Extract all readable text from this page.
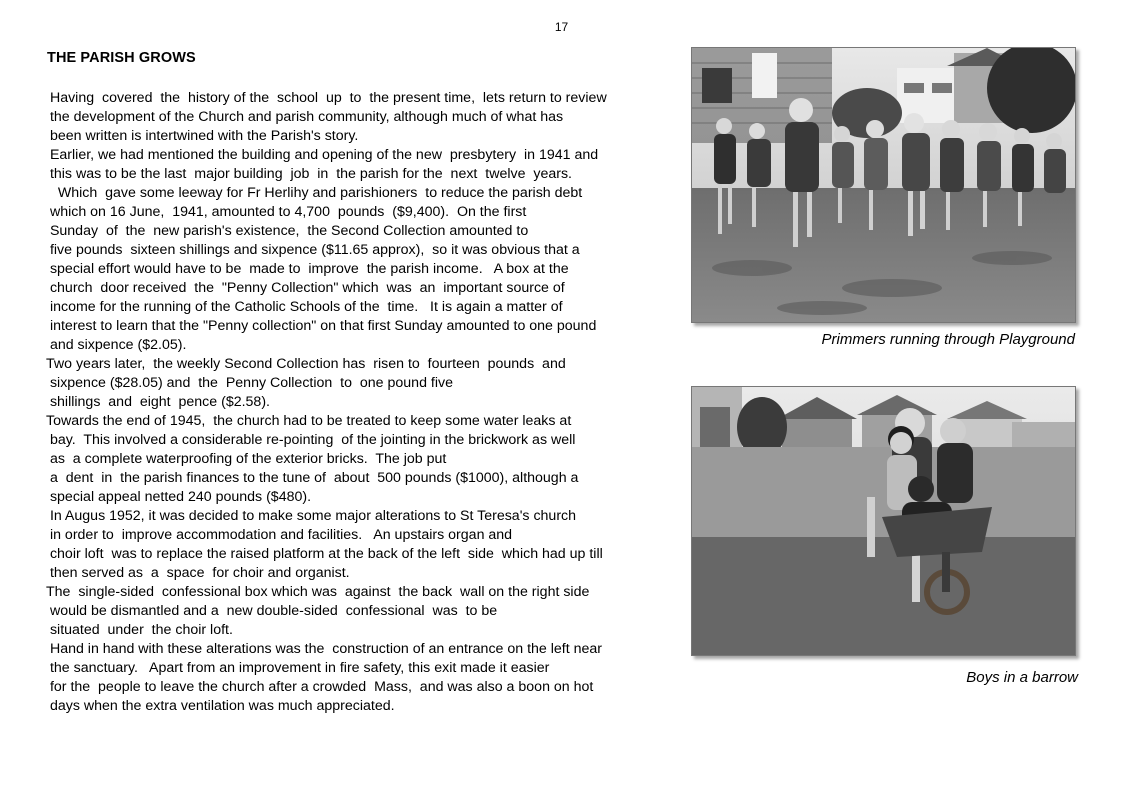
17
THE PARISH GROWS
Having  covered  the  history of the  school  up  to  the present time,  lets return to review
the development of the Church and parish community, although much of what has
been written is intertwined with the Parish's story.
Earlier, we had mentioned the building and opening of the new  presbytery  in 1941 and
this was to be the last  major building  job  in  the parish for the  next  twelve  years.
Which  gave some leeway for Fr Herlihy and parishioners  to reduce the parish debt
which on 16 June,  1941, amounted to 4,700  pounds  ($9,400).  On the first
Sunday  of  the  new parish's existence,  the Second Collection amounted to
five pounds  sixteen shillings and sixpence ($11.65 approx),  so it was obvious that a
special effort would have to be  made to  improve  the parish income.   A box at the
church  door received  the  "Penny Collection" which  was  an  important source of
income for the running of the Catholic Schools of the  time.   It is again a matter of
interest to learn that the "Penny collection" on that first Sunday amounted to one pound
and sixpence ($2.05).
Two years later,  the weekly Second Collection has  risen to  fourteen  pounds  and
sixpence ($28.05) and  the  Penny Collection  to  one pound five
shillings  and  eight  pence ($2.58).
Towards the end of 1945,  the church had to be treated to keep some water leaks at
bay.  This involved a considerable re-pointing  of the jointing in the brickwork as well
as  a complete waterproofing of the exterior bricks.  The job put
a  dent  in  the parish finances to the tune of  about  500 pounds ($1000), although a
special appeal netted 240 pounds ($480).
In Augus 1952, it was decided to make some major alterations to St Teresa's church
in order to  improve accommodation and facilities.   An upstairs organ and
choir loft  was to replace the raised platform at the back of the left  side  which had up till
then served as  a  space  for choir and organist.
The  single-sided  confessional box which was  against  the back  wall on the right side
would be dismantled and a  new double-sided  confessional  was  to be
situated  under  the choir loft.
Hand in hand with these alterations was the  construction of an entrance on the left near
the sanctuary.   Apart from an improvement in fire safety, this exit made it easier
for the  people to leave the church after a crowded  Mass,  and was also a boon on hot
days when the extra ventilation was much appreciated.
Primmers running through Playground
Boys in a barrow
